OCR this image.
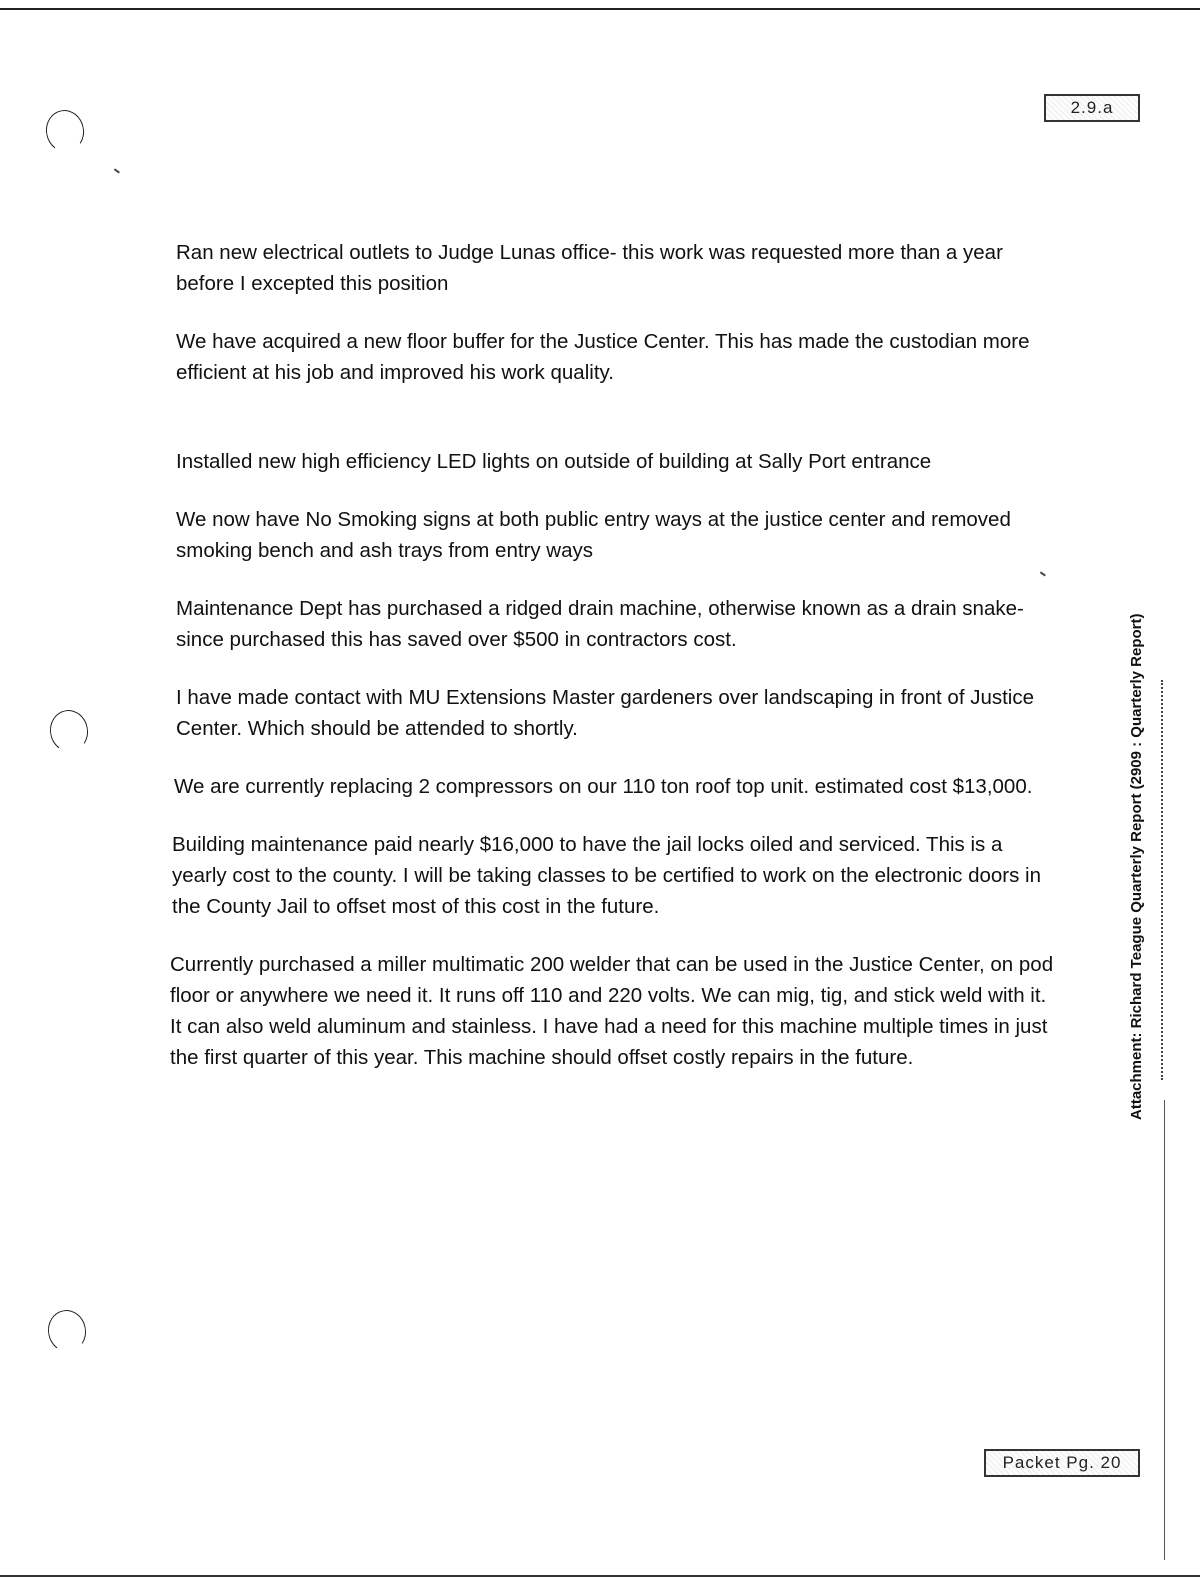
2.9.a

Ran new electrical outlets to Judge Lunas office- this work was requested more than a year before I excepted this position

We have acquired a new floor buffer for the Justice Center. This has made the custodian more efficient at his job and improved his work quality.

Installed new high efficiency LED lights on outside of building at Sally Port entrance

We now have No Smoking signs at both public entry ways at the justice center and removed smoking bench and ash trays from entry ways

Maintenance Dept has purchased a ridged drain machine, otherwise known as a drain snake- since purchased this has saved over $500 in contractors cost.

I have made contact with MU Extensions Master gardeners over landscaping in front of Justice Center. Which should be attended to shortly.

We are currently replacing 2 compressors on our 110 ton roof top unit. estimated cost $13,000.

Building maintenance paid nearly $16,000 to have the jail locks oiled and serviced. This is a yearly cost to the county. I will be taking classes to be certified to work on the electronic doors in the County Jail to offset most of this cost in the future.

Currently purchased a miller multimatic 200 welder that can be used in the Justice Center, on pod floor or anywhere we need it. It runs off 110 and 220 volts. We can mig, tig, and stick weld with it. It can also weld aluminum and stainless. I have had a need for this machine multiple times in just the first quarter of this year. This machine should offset costly repairs in the future.	Attachment: Richard Teague Quarterly Report (2909 : Quarterly Report)
Packet Pg. 20
